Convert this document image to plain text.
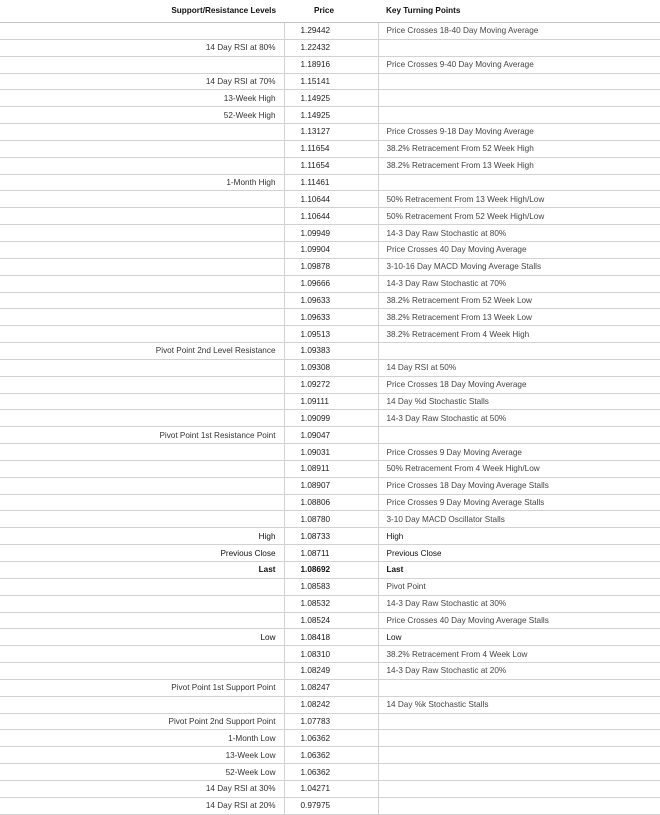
Support/Resistance Levels	Price	Key Turning Points
	1.29442	Price Crosses 18-40 Day Moving Average
14 Day RSI at 80%	1.22432	
	1.18916	Price Crosses 9-40 Day Moving Average
14 Day RSI at 70%	1.15141	
13-Week High	1.14925	
52-Week High	1.14925	
	1.13127	Price Crosses 9-18 Day Moving Average
	1.11654	38.2% Retracement From 52 Week High
	1.11654	38.2% Retracement From 13 Week High
1-Month High	1.11461	
	1.10644	50% Retracement From 13 Week High/Low
	1.10644	50% Retracement From 52 Week High/Low
	1.09949	14-3 Day Raw Stochastic at 80%
	1.09904	Price Crosses 40 Day Moving Average
	1.09878	3-10-16 Day MACD Moving Average Stalls
	1.09666	14-3 Day Raw Stochastic at 70%
	1.09633	38.2% Retracement From 52 Week Low
	1.09633	38.2% Retracement From 13 Week Low
	1.09513	38.2% Retracement From 4 Week High
Pivot Point 2nd Level Resistance	1.09383	
	1.09308	14 Day RSI at 50%
	1.09272	Price Crosses 18 Day Moving Average
	1.09111	14 Day %d Stochastic Stalls
	1.09099	14-3 Day Raw Stochastic at 50%
Pivot Point 1st Resistance Point	1.09047	
	1.09031	Price Crosses 9 Day Moving Average
	1.08911	50% Retracement From 4 Week High/Low
	1.08907	Price Crosses 18 Day Moving Average Stalls
	1.08806	Price Crosses 9 Day Moving Average Stalls
	1.08780	3-10 Day MACD Oscillator Stalls
High	1.08733	High
Previous Close	1.08711	Previous Close
Last	1.08692	Last
	1.08583	Pivot Point
	1.08532	14-3 Day Raw Stochastic at 30%
	1.08524	Price Crosses 40 Day Moving Average Stalls
Low	1.08418	Low
	1.08310	38.2% Retracement From 4 Week Low
	1.08249	14-3 Day Raw Stochastic at 20%
Pivot Point 1st Support Point	1.08247	
	1.08242	14 Day %k Stochastic Stalls
Pivot Point 2nd Support Point	1.07783	
1-Month Low	1.06362	
13-Week Low	1.06362	
52-Week Low	1.06362	
14 Day RSI at 30%	1.04271	
14 Day RSI at 20%	0.97975	
